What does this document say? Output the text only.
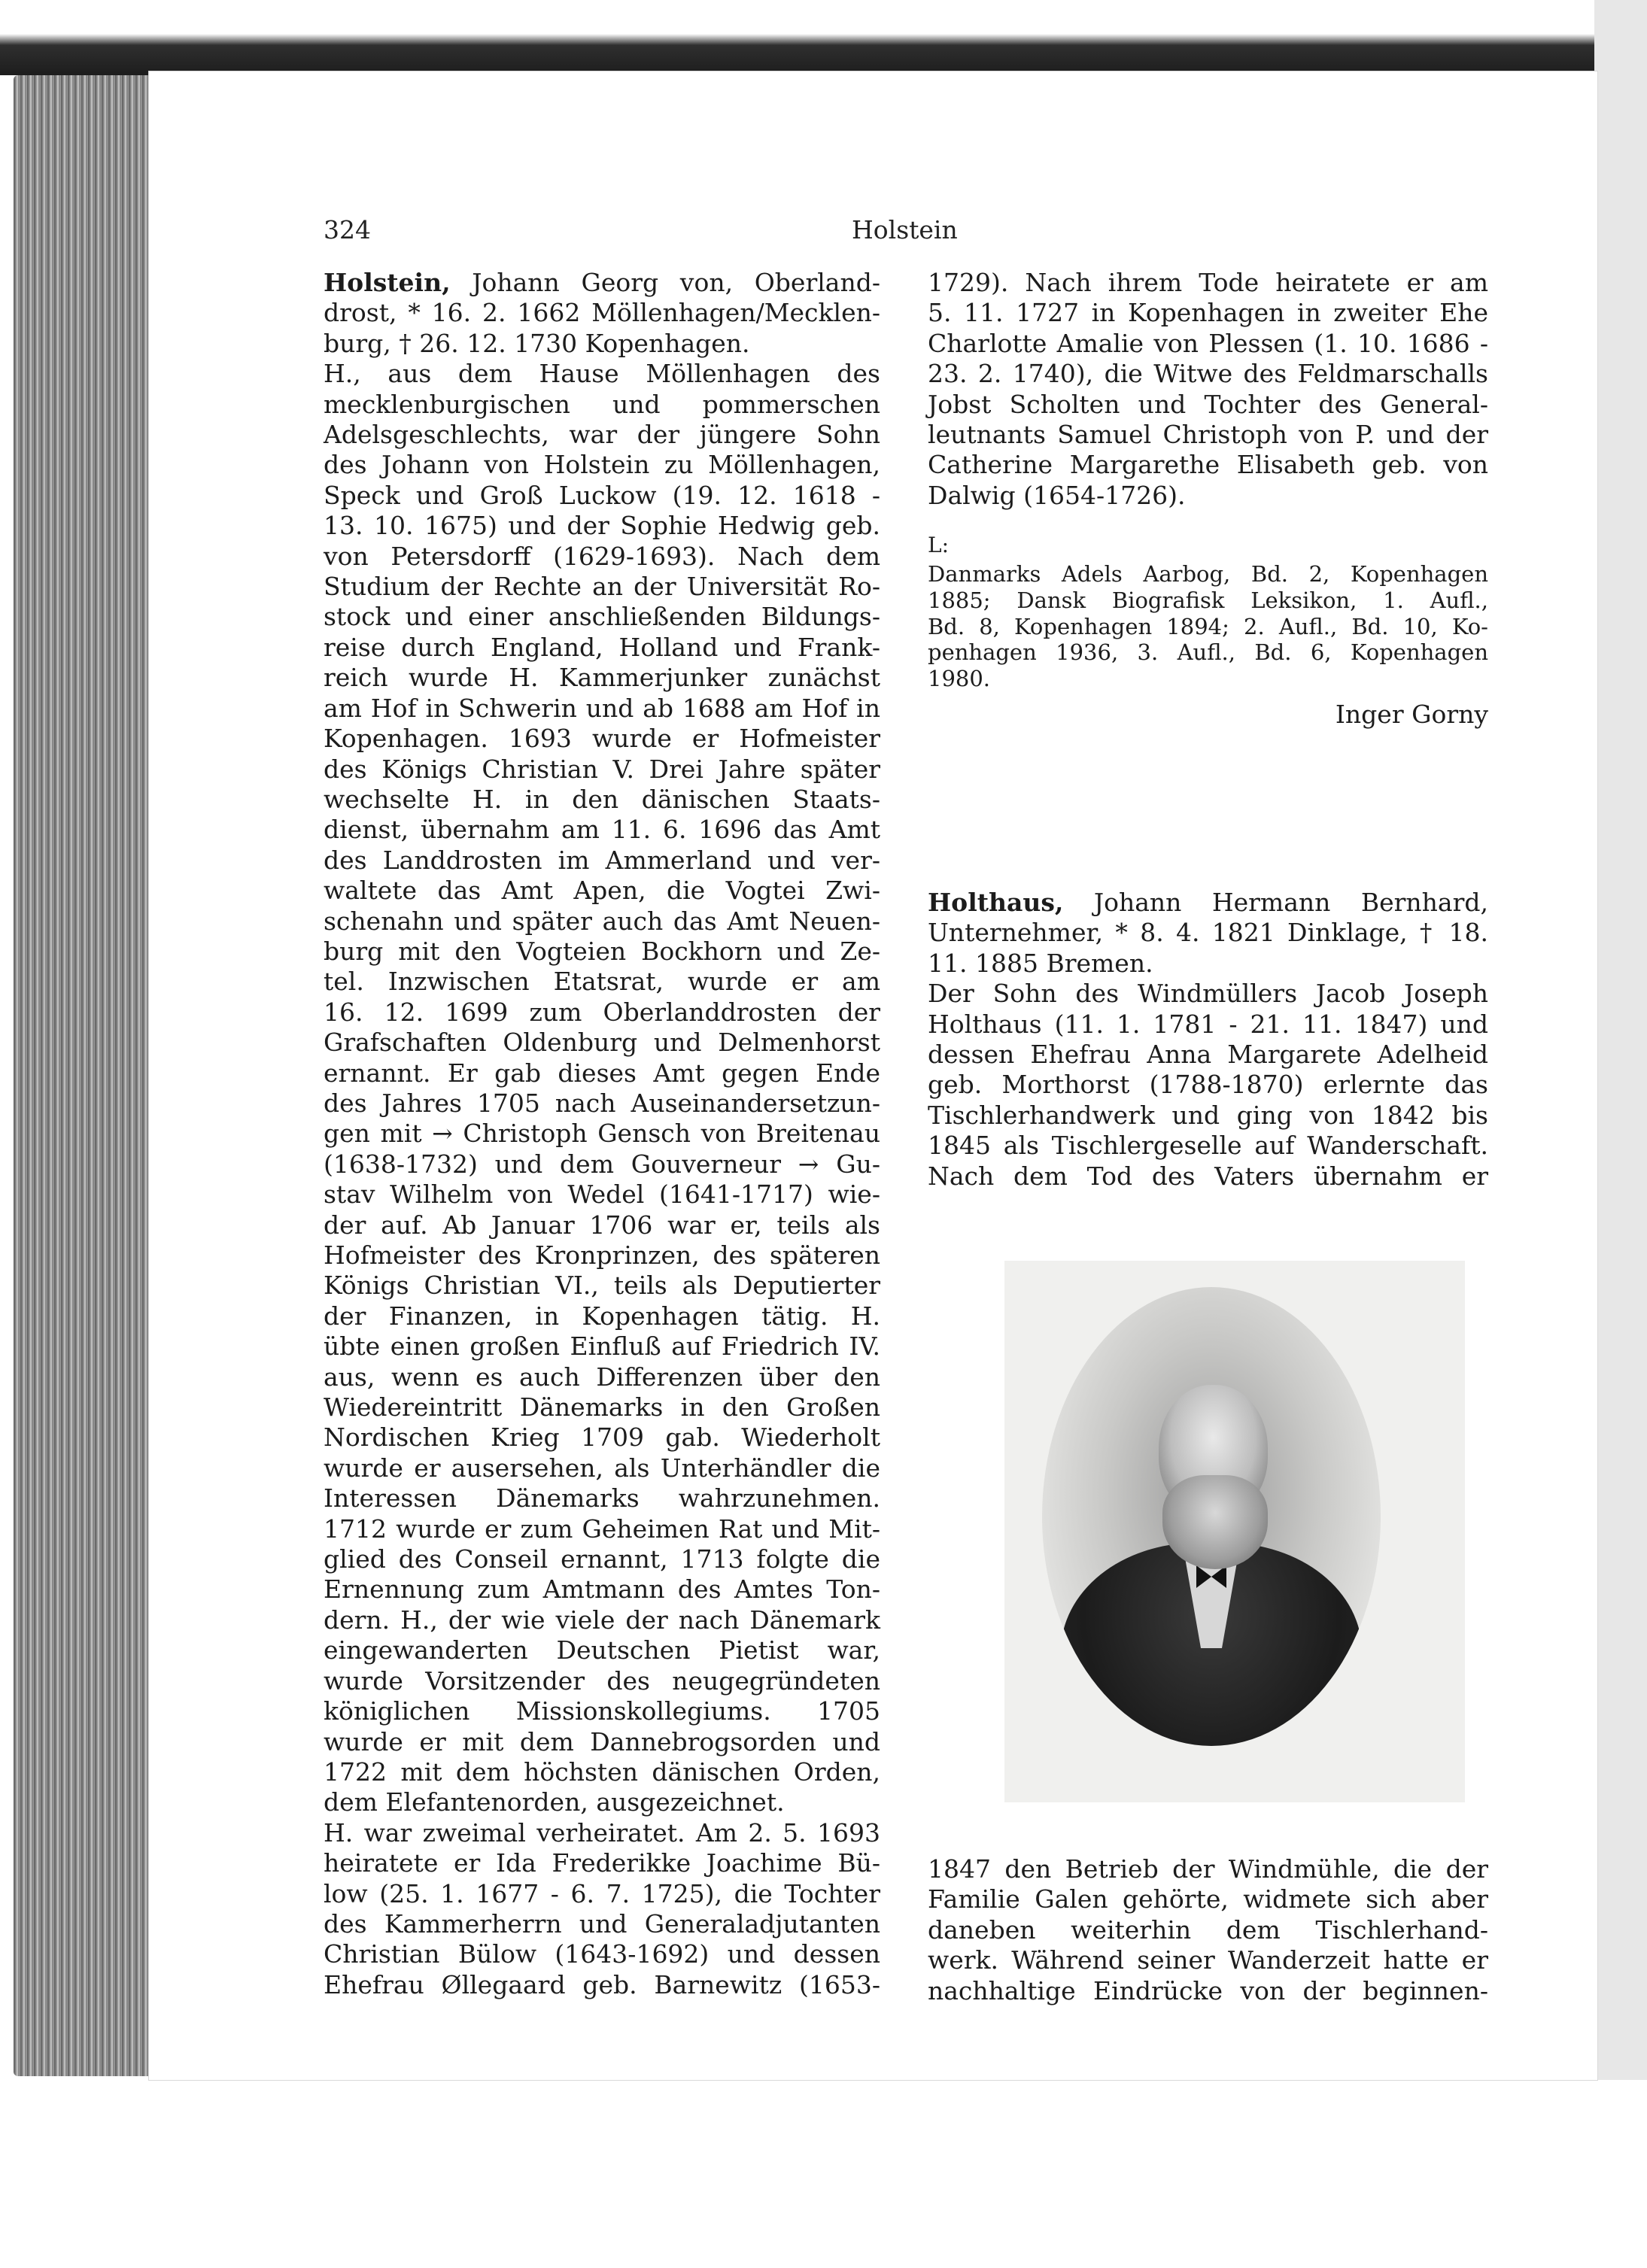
324	Holstein
Holstein, Johann Georg von, Oberland-
drost, * 16. 2. 1662 Möllenhagen/Mecklen-
burg, † 26. 12. 1730 Kopenhagen.
H., aus dem Hause Möllenhagen des
mecklenburgischen und pommerschen
Adelsgeschlechts, war der jüngere Sohn
des Johann von Holstein zu Möllenhagen,
Speck und Groß Luckow (19. 12. 1618 -
13. 10. 1675) und der Sophie Hedwig geb.
von Petersdorff (1629-1693). Nach dem
Studium der Rechte an der Universität Ro-
stock und einer anschließenden Bildungs-
reise durch England, Holland und Frank-
reich wurde H. Kammerjunker zunächst
am Hof in Schwerin und ab 1688 am Hof in
Kopenhagen. 1693 wurde er Hofmeister
des Königs Christian V. Drei Jahre später
wechselte H. in den dänischen Staats-
dienst, übernahm am 11. 6. 1696 das Amt
des Landdrosten im Ammerland und ver-
waltete das Amt Apen, die Vogtei Zwi-
schenahn und später auch das Amt Neuen-
burg mit den Vogteien Bockhorn und Ze-
tel. Inzwischen Etatsrat, wurde er am
16. 12. 1699 zum Oberlanddrosten der
Grafschaften Oldenburg und Delmenhorst
ernannt. Er gab dieses Amt gegen Ende
des Jahres 1705 nach Auseinandersetzun-
gen mit → Christoph Gensch von Breitenau
(1638-1732) und dem Gouverneur → Gu-
stav Wilhelm von Wedel (1641-1717) wie-
der auf. Ab Januar 1706 war er, teils als
Hofmeister des Kronprinzen, des späteren
Königs Christian VI., teils als Deputierter
der Finanzen, in Kopenhagen tätig. H.
übte einen großen Einfluß auf Friedrich IV.
aus, wenn es auch Differenzen über den
Wiedereintritt Dänemarks in den Großen
Nordischen Krieg 1709 gab. Wiederholt
wurde er ausersehen, als Unterhändler die
Interessen Dänemarks wahrzunehmen.
1712 wurde er zum Geheimen Rat und Mit-
glied des Conseil ernannt, 1713 folgte die
Ernennung zum Amtmann des Amtes Ton-
dern. H., der wie viele der nach Dänemark
eingewanderten Deutschen Pietist war,
wurde Vorsitzender des neugegründeten
königlichen Missionskollegiums. 1705
wurde er mit dem Dannebrogsorden und
1722 mit dem höchsten dänischen Orden,
dem Elefantenorden, ausgezeichnet.
H. war zweimal verheiratet. Am 2. 5. 1693
heiratete er Ida Frederikke Joachime Bü-
low (25. 1. 1677 - 6. 7. 1725), die Tochter
des Kammerherrn und Generaladjutanten
Christian Bülow (1643-1692) und dessen
Ehefrau Øllegaard geb. Barnewitz (1653-
1729). Nach ihrem Tode heiratete er am
5. 11. 1727 in Kopenhagen in zweiter Ehe
Charlotte Amalie von Plessen (1. 10. 1686 -
23. 2. 1740), die Witwe des Feldmarschalls
Jobst Scholten und Tochter des General-
leutnants Samuel Christoph von P. und der
Catherine Margarethe Elisabeth geb. von
Dalwig (1654-1726).
L:
Danmarks Adels Aarbog, Bd. 2, Kopenhagen
1885; Dansk Biografisk Leksikon, 1. Aufl.,
Bd. 8, Kopenhagen 1894; 2. Aufl., Bd. 10, Ko-
penhagen 1936, 3. Aufl., Bd. 6, Kopenhagen
1980.
Inger Gorny
Holthaus, Johann Hermann Bernhard,
Unternehmer, * 8. 4. 1821 Dinklage, † 18.
11. 1885 Bremen.
Der Sohn des Windmüllers Jacob Joseph
Holthaus (11. 1. 1781 - 21. 11. 1847) und
dessen Ehefrau Anna Margarete Adelheid
geb. Morthorst (1788-1870) erlernte das
Tischlerhandwerk und ging von 1842 bis
1845 als Tischlergeselle auf Wanderschaft.
Nach dem Tod des Vaters übernahm er
1847 den Betrieb der Windmühle, die der
Familie Galen gehörte, widmete sich aber
daneben weiterhin dem Tischlerhand-
werk. Während seiner Wanderzeit hatte er
nachhaltige Eindrücke von der beginnen-
